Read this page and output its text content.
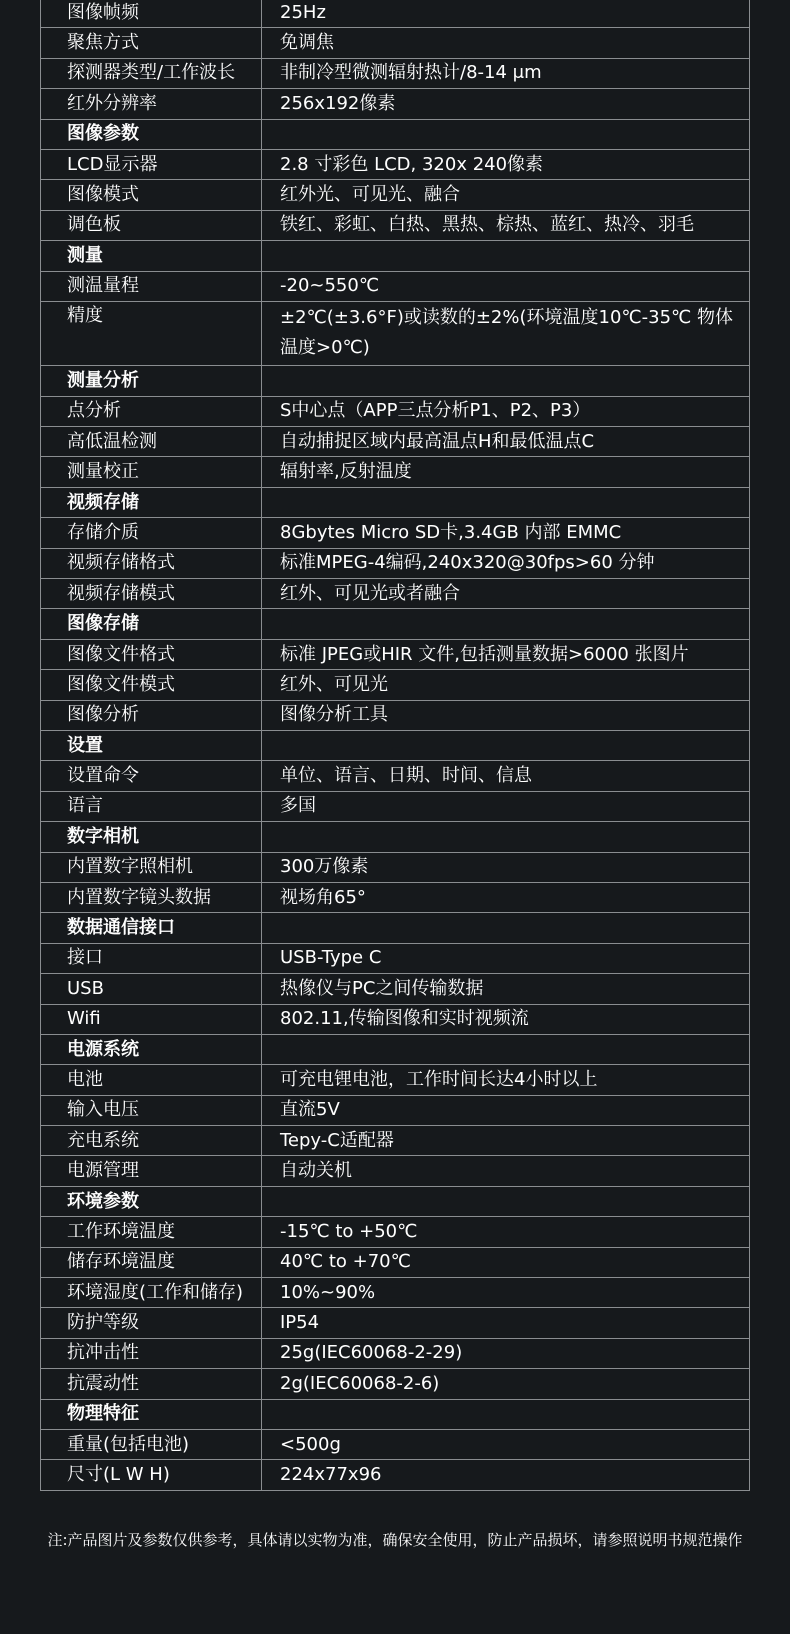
图像帧频	25Hz
聚焦方式	免调焦
探测器类型/工作波长	非制冷型微测辐射热计/8-14 μm
红外分辨率	256x192像素
图像参数	
LCD显示器	2.8 寸彩色 LCD, 320x 240像素
图像模式	红外光、可见光、融合
调色板	铁红、彩虹、白热、黑热、棕热、蓝红、热冷、羽毛
测量	
测温量程	-20~550℃
精度	±2℃(±3.6°F)或读数的±2%(环境温度10℃-35℃ 物体温度>0℃)
测量分析	
点分析	S中心点（APP三点分析P1、P2、P3）
高低温检测	自动捕捉区域内最高温点H和最低温点C
测量校正	辐射率,反射温度
视频存储	
存储介质	8Gbytes Micro SD卡,3.4GB 内部 EMMC
视频存储格式	标准MPEG-4编码,240x320@30fps>60 分钟
视频存储模式	红外、可见光或者融合
图像存储	
图像文件格式	标准 JPEG或HIR 文件,包括测量数据>6000 张图片
图像文件模式	红外、可见光
图像分析	图像分析工具
设置	
设置命令	单位、语言、日期、时间、信息
语言	多国
数字相机	
内置数字照相机	300万像素
内置数字镜头数据	视场角65°
数据通信接口	
接口	USB-Type C
USB	热像仪与PC之间传输数据
Wifi	802.11,传输图像和实时视频流
电源系统	
电池	可充电锂电池，工作时间长达4小时以上
输入电压	直流5V
充电系统	Tepy-C适配器
电源管理	自动关机
环境参数	
工作环境温度	-15℃ to +50℃
储存环境温度	40℃ to +70℃
环境湿度(工作和储存)	10%~90%
防护等级	IP54
抗冲击性	25g(IEC60068-2-29)
抗震动性	2g(IEC60068-2-6)
物理特征	
重量(包括电池)	<500g
尺寸(L W H)	224x77x96
注:产品图片及参数仅供参考，具体请以实物为准，确保安全使用，防止产品损坏，请参照说明书规范操作
